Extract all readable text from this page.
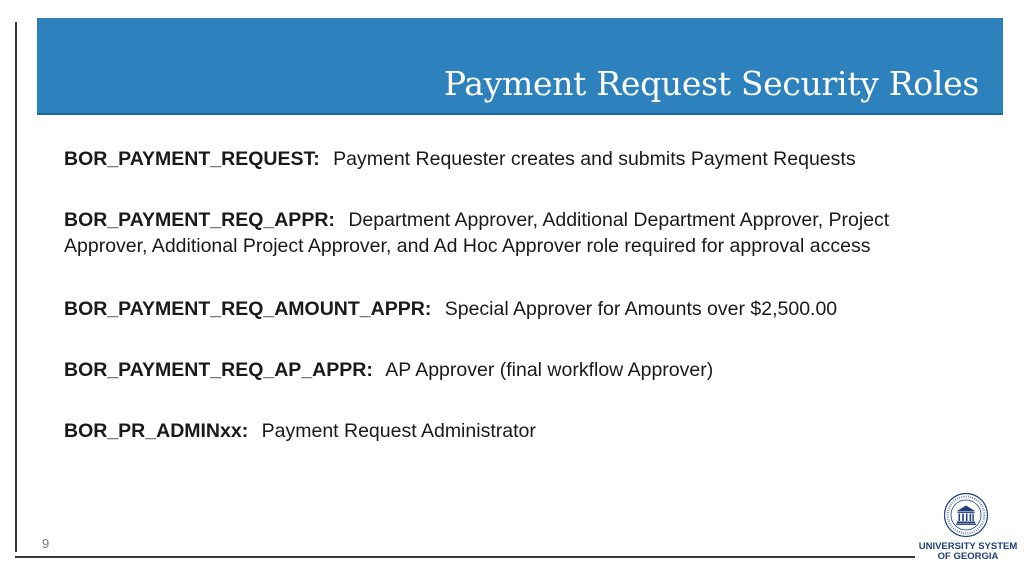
Payment Request Security Roles

BOR_PAYMENT_REQUEST: Payment Requester creates and submits Payment Requests

BOR_PAYMENT_REQ_APPR: Department Approver, Additional Department Approver, Project Approver, Additional Project Approver, and Ad Hoc Approver role required for approval access

BOR_PAYMENT_REQ_AMOUNT_APPR: Special Approver for Amounts over $2,500.00

BOR_PAYMENT_REQ_AP_APPR: AP Approver (final workflow Approver)

BOR_PR_ADMINxx: Payment Request Administrator

9	UNIVERSITY SYSTEM
OF GEORGIA
